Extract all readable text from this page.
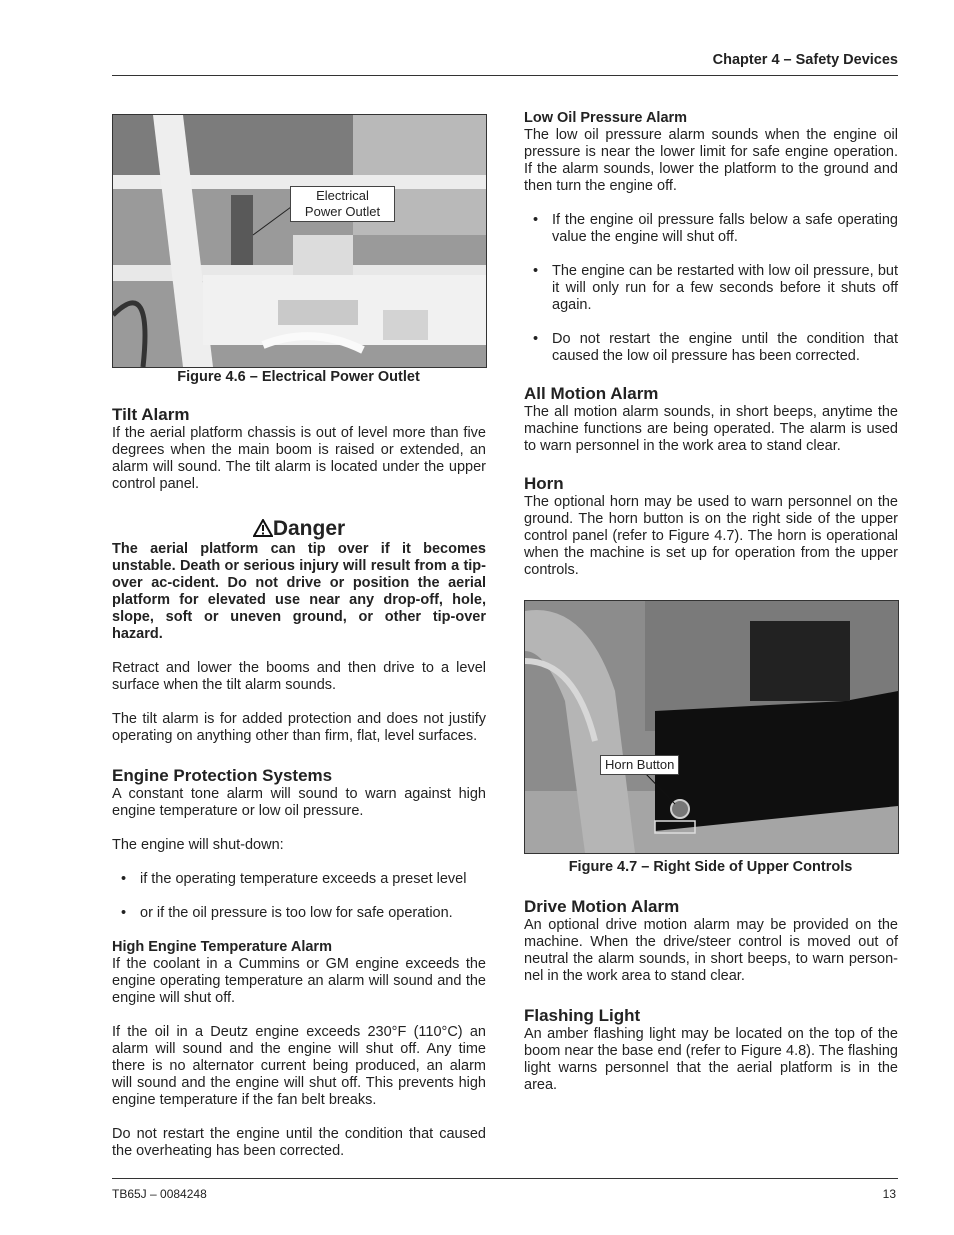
Chapter 4 – Safety Devices
Electrical
Power Outlet
Figure 4.6 – Electrical Power Outlet
Tilt Alarm

If the aerial platform chassis is out of level more than five degrees when the main boom is raised or extended, an alarm will sound. The tilt alarm is located under the upper control panel.

Danger

The aerial platform can tip over if it becomes unstable. Death or serious injury will result from a tip-over ac-cident. Do not drive or position the aerial platform for elevated use near any drop-off, hole, slope, soft or uneven ground, or other tip-over hazard.

Retract and lower the booms and then drive to a level surface when the tilt alarm sounds.

The tilt alarm is for added protection and does not justify operating on anything other than firm, flat, level surfaces.

Engine Protection Systems

A constant tone alarm will sound to warn against high engine temperature or low oil pressure.

The engine will shut-down:

• if the operating temperature exceeds a preset level
• or if the oil pressure is too low for safe operation.
High Engine Temperature Alarm

If the coolant in a Cummins or GM engine exceeds the engine operating temperature an alarm will sound and the engine will shut off.

If the oil in a Deutz engine exceeds 230°F (110°C) an alarm will sound and the engine will shut off. Any time there is no alternator current being produced, an alarm will sound and the engine will shut off. This prevents high engine temperature if the fan belt breaks.

Do not restart the engine until the condition that caused the overheating has been corrected.

Low Oil Pressure Alarm

The low oil pressure alarm sounds when the engine oil pressure is near the lower limit for safe engine operation. If the alarm sounds, lower the platform to the ground and then turn the engine off.

• If the engine oil pressure falls below a safe operating value the engine will shut off.
• The engine can be restarted with low oil pressure, but it will only run for a few seconds before it shuts off again.
• Do not restart the engine until the condition that caused the low oil pressure has been corrected.
All Motion Alarm

The all motion alarm sounds, in short beeps, anytime the machine functions are being operated. The alarm is used to warn personnel in the work area to stand clear.

Horn

The optional horn may be used to warn personnel on the ground. The horn button is on the right side of the upper control panel (refer to Figure 4.7). The horn is operational when the machine is set up for operation from the upper controls.

Horn Button
Figure 4.7 – Right Side of Upper Controls
Drive Motion Alarm

An optional drive motion alarm may be provided on the machine. When the drive/steer control is moved out of neutral the alarm sounds, in short beeps, to warn person-nel in the work area to stand clear.

Flashing Light

An amber flashing light may be located on the top of the boom near the base end (refer to Figure 4.8). The flashing light warns personnel that the aerial platform is in the area.

TB65J – 0084248	13
